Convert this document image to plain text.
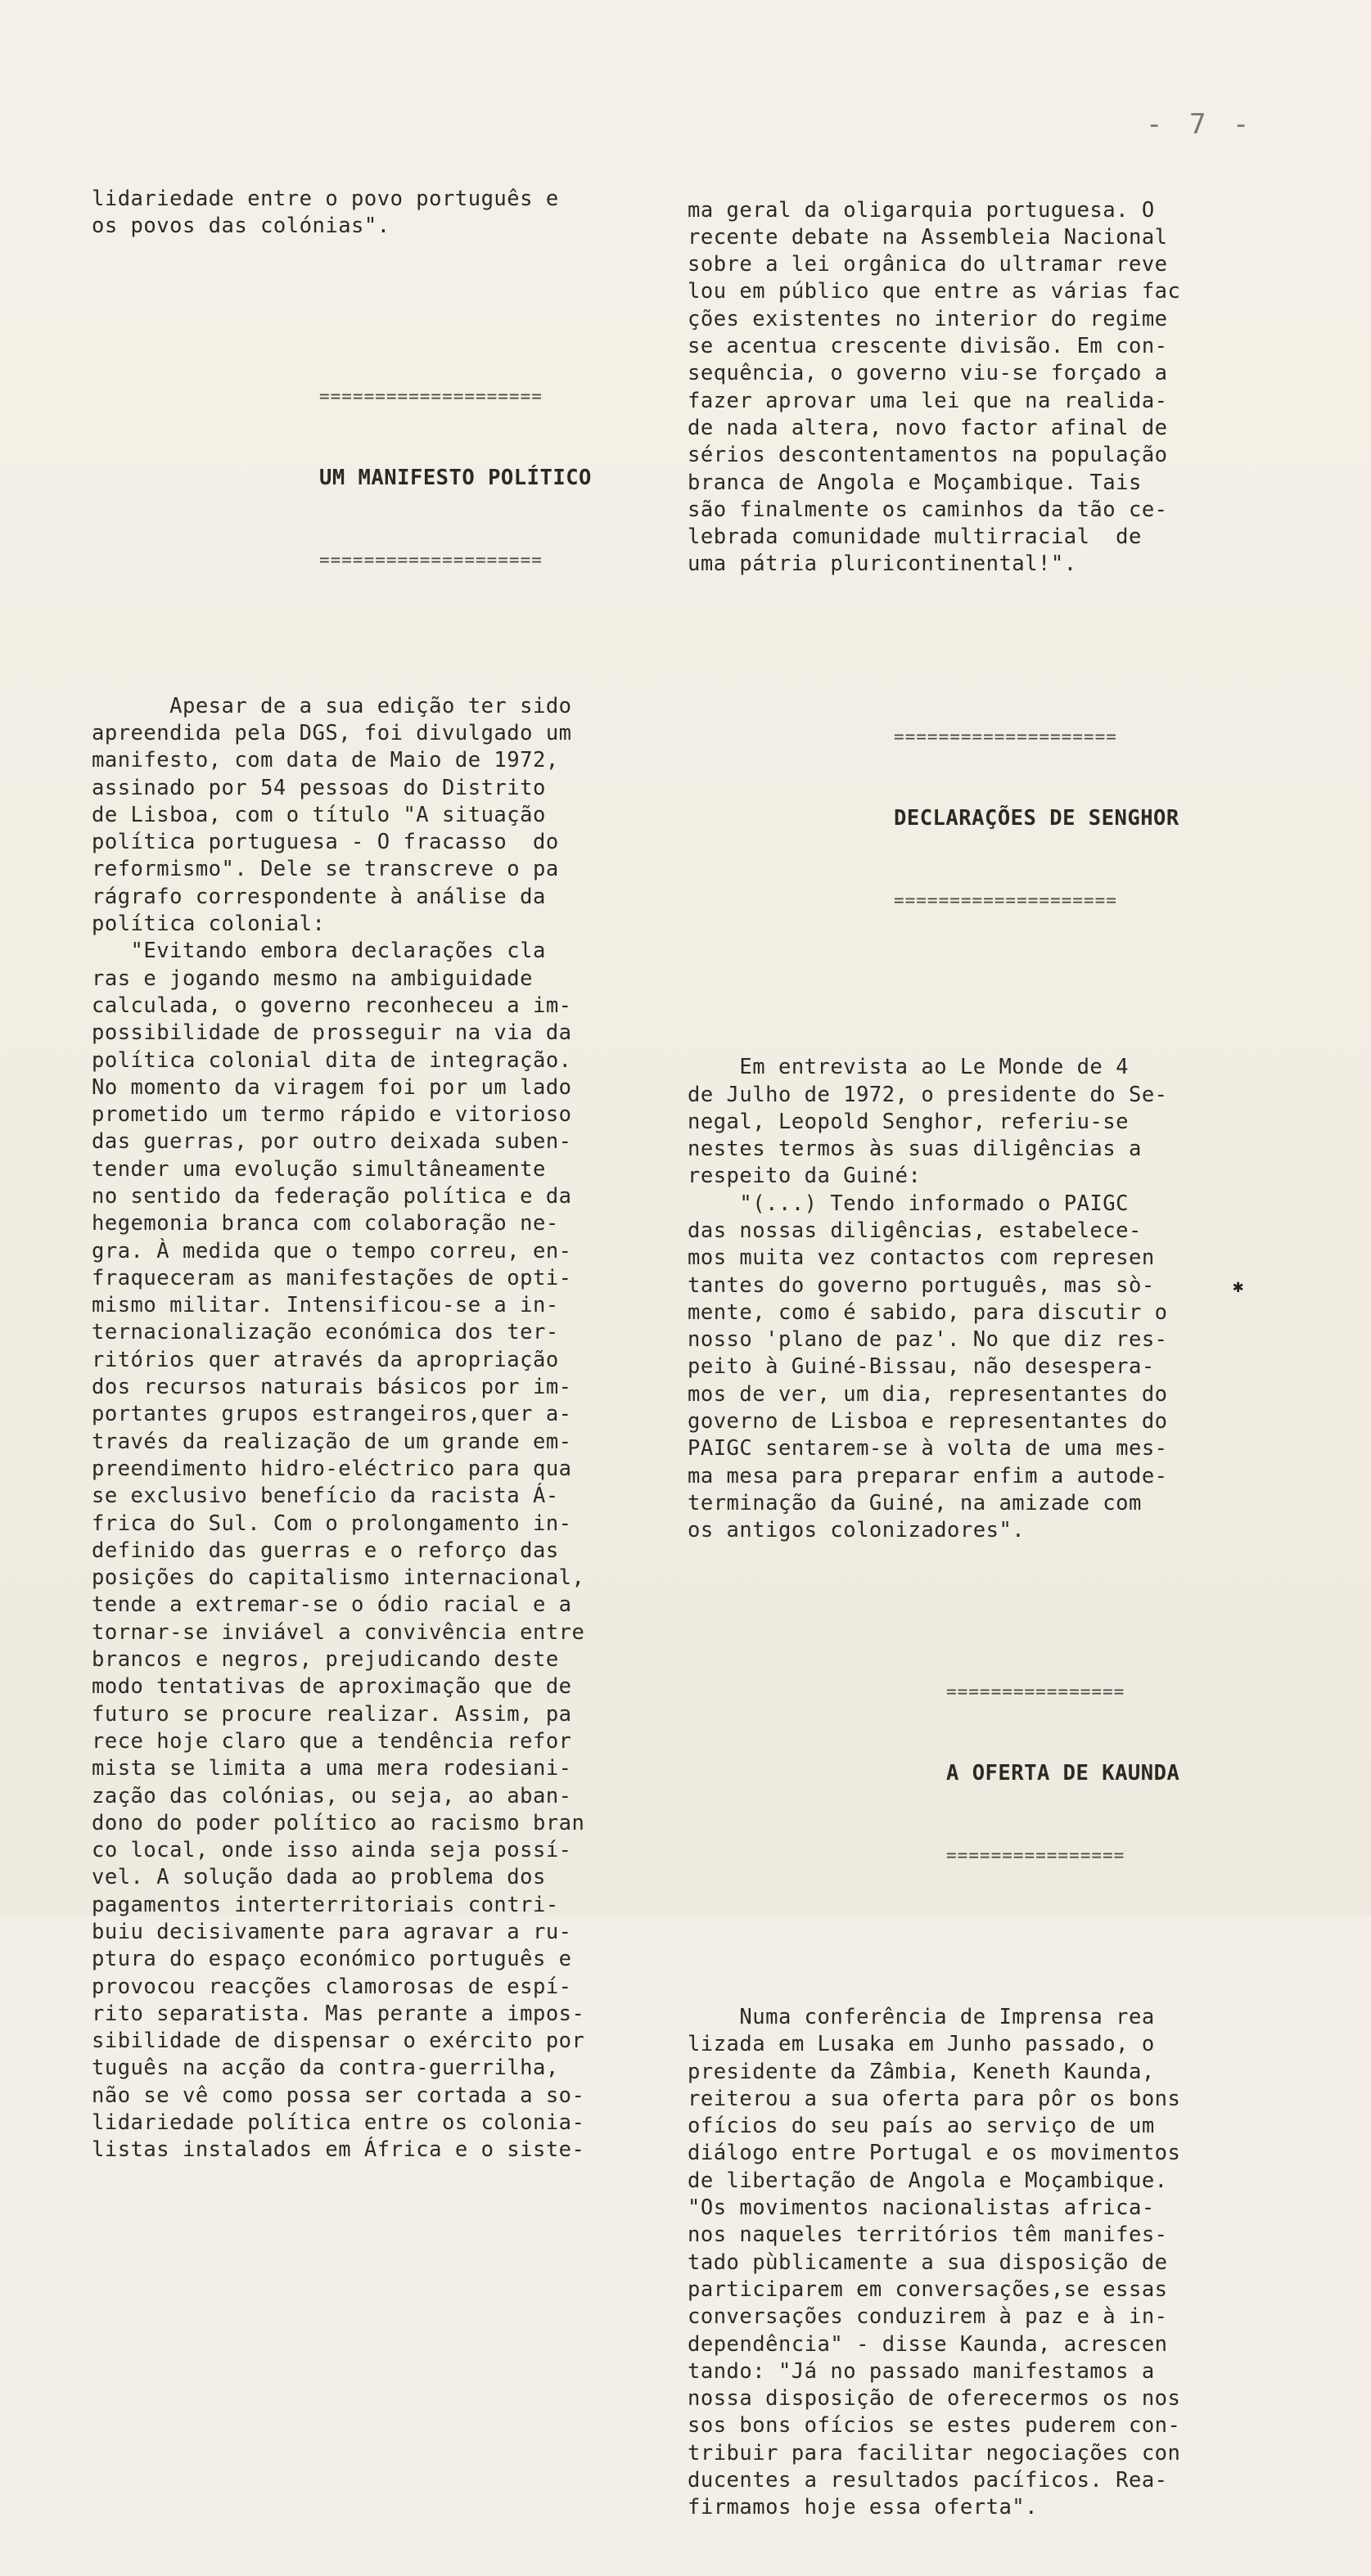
- 7 -

lidariedade entre o povo português e
os povos das colónias".

====================

UM MANIFESTO POLÍTICO

====================

Apesar de a sua edição ter sido
apreendida pela DGS, foi divulgado um
manifesto, com data de Maio de 1972,
assinado por 54 pessoas do Distrito
de Lisboa, com o título "A situação
política portuguesa - O fracasso  do
reformismo". Dele se transcreve o pa
rágrafo correspondente à análise da
política colonial:
"Evitando embora declarações cla
ras e jogando mesmo na ambiguidade
calculada, o governo reconheceu a im-
possibilidade de prosseguir na via da
política colonial dita de integração.
No momento da viragem foi por um lado
prometido um termo rápido e vitorioso
das guerras, por outro deixada suben-
tender uma evolução simultâneamente
no sentido da federação política e da
hegemonia branca com colaboração ne-
gra. À medida que o tempo correu, en-
fraqueceram as manifestações de opti-
mismo militar. Intensificou-se a in-
ternacionalização económica dos ter-
ritórios quer através da apropriação
dos recursos naturais básicos por im-
portantes grupos estrangeiros,quer a-
través da realização de um grande em-
preendimento hidro-eléctrico para qua
se exclusivo benefício da racista Á-
frica do Sul. Com o prolongamento in-
definido das guerras e o reforço das
posições do capitalismo internacional,
tende a extremar-se o ódio racial e a
tornar-se inviável a convivência entre
brancos e negros, prejudicando deste
modo tentativas de aproximação que de
futuro se procure realizar. Assim, pa
rece hoje claro que a tendência refor
mista se limita a uma mera rodesiani-
zação das colónias, ou seja, ao aban-
dono do poder político ao racismo bran
co local, onde isso ainda seja possí-
vel. A solução dada ao problema dos
pagamentos interterritoriais contri-
buiu decisivamente para agravar a ru-
ptura do espaço económico português e
provocou reacções clamorosas de espí-
rito separatista. Mas perante a impos-
sibilidade de dispensar o exército por
tuguês na acção da contra-guerrilha,
não se vê como possa ser cortada a so-
lidariedade política entre os colonia-
listas instalados em África e o siste-

ma geral da oligarquia portuguesa. O
recente debate na Assembleia Nacional
sobre a lei orgânica do ultramar reve
lou em público que entre as várias fac
ções existentes no interior do regime
se acentua crescente divisão. Em con-
sequência, o governo viu-se forçado a
fazer aprovar uma lei que na realida-
de nada altera, novo factor afinal de
sérios descontentamentos na população
branca de Angola e Moçambique. Tais
são finalmente os caminhos da tão ce-
lebrada comunidade multirracial  de
uma pátria pluricontinental!".

====================

DECLARAÇÕES DE SENGHOR

====================

Em entrevista ao Le Monde de 4
de Julho de 1972, o presidente do Se-
negal, Leopold Senghor, referiu-se
nestes termos às suas diligências a
respeito da Guiné:
"(...) Tendo informado o PAIGC
das nossas diligências, estabelece-
mos muita vez contactos com represen
tantes do governo português, mas sò-
mente, como é sabido, para discutir o
nosso 'plano de paz'. No que diz res-
peito à Guiné-Bissau, não desespera-
mos de ver, um dia, representantes do
governo de Lisboa e representantes do
PAIGC sentarem-se à volta de uma mes-
ma mesa para preparar enfim a autode-
terminação da Guiné, na amizade com
os antigos colonizadores".

================

A OFERTA DE KAUNDA

================

Numa conferência de Imprensa rea
lizada em Lusaka em Junho passado, o
presidente da Zâmbia, Keneth Kaunda,
reiterou a sua oferta para pôr os bons
ofícios do seu país ao serviço de um
diálogo entre Portugal e os movimentos
de libertação de Angola e Moçambique.
"Os movimentos nacionalistas africa-
nos naqueles territórios têm manifes-
tado pùblicamente a sua disposição de
participarem em conversações,se essas
conversações conduzirem à paz e à in-
dependência" - disse Kaunda, acrescen
tando: "Já no passado manifestamos a
nossa disposição de oferecermos os nos
sos bons ofícios se estes puderem con-
tribuir para facilitar negociações con
ducentes a resultados pacíficos. Rea-
firmamos hoje essa oferta".

✱
